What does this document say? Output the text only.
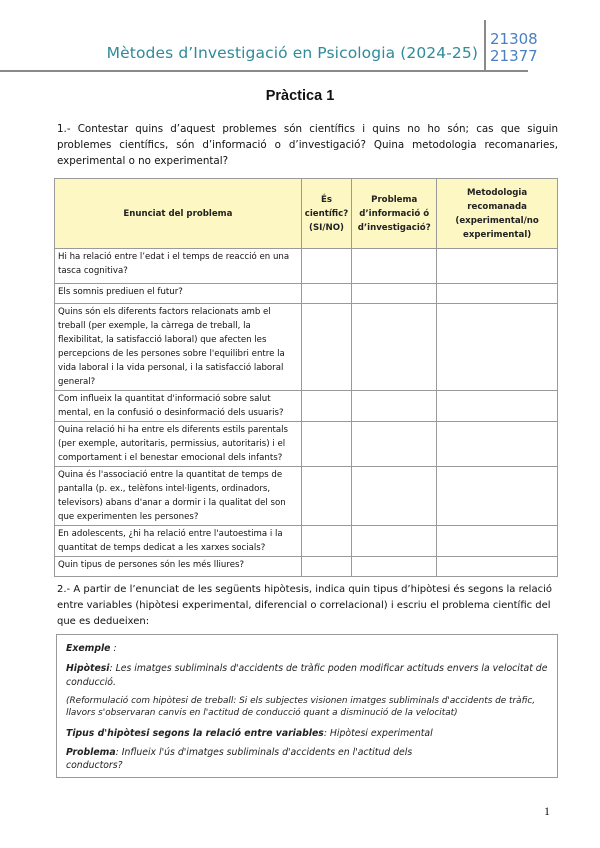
Mètodes d’Investigació en Psicologia (2024-25)
21308
21377
Pràctica 1
1.- Contestar quins d’aquest problemes són científics i quins no ho són; cas que siguin problemes científics, són d’informació o d’investigació? Quina metodologia recomanaries, experimental o no experimental?
Enunciat del problema	És científic? (SI/NO)	Problema d’informació ó d’investigació?	Metodologia recomanada (experimental/no experimental)
Hi ha relació entre l’edat i el temps de reacció en una tasca cognitiva?			
Els somnis prediuen el futur?			
Quins són els diferents factors relacionats amb el treball (per exemple, la càrrega de treball, la flexibilitat, la satisfacció laboral) que afecten les percepcions de les persones sobre l'equilibri entre la vida laboral i la vida personal, i la satisfacció laboral general?			
Com influeix la quantitat d'informació sobre salut mental, en la confusió o desinformació dels usuaris?			
Quina relació hi ha entre els diferents estils parentals (per exemple, autoritaris, permissius, autoritaris) i el comportament i el benestar emocional dels infants?			
Quina és l'associació entre la quantitat de temps de pantalla (p. ex., telèfons intel·ligents, ordinadors, televisors) abans d'anar a dormir i la qualitat del son que experimenten les persones?			
En adolescents, ¿hi ha relació entre l'autoestima i la quantitat de temps dedicat a les xarxes socials?			
Quin tipus de persones són les més lliures?			
2.- A partir de l’enunciat de les següents hipòtesis, indica quin tipus d’hipòtesi és segons la relació entre variables (hipòtesi experimental, diferencial o correlacional) i escriu el problema científic del que es dedueixen:

Exemple :

Hipòtesi: Les imatges subliminals d'accidents de tràfic poden modificar actituds envers la velocitat de conducció.

(Reformulació com hipòtesi de treball: Si els subjectes visionen imatges subliminals d'accidents de tràfic, llavors s'observaran canvis en l'actitud de conducció quant a disminució de la velocitat)

Tipus d'hipòtesi segons la relació entre variables: Hipòtesi experimental

Problema: Influeix l'ús d'imatges subliminals d'accidents en l'actitud dels conductors?

1
